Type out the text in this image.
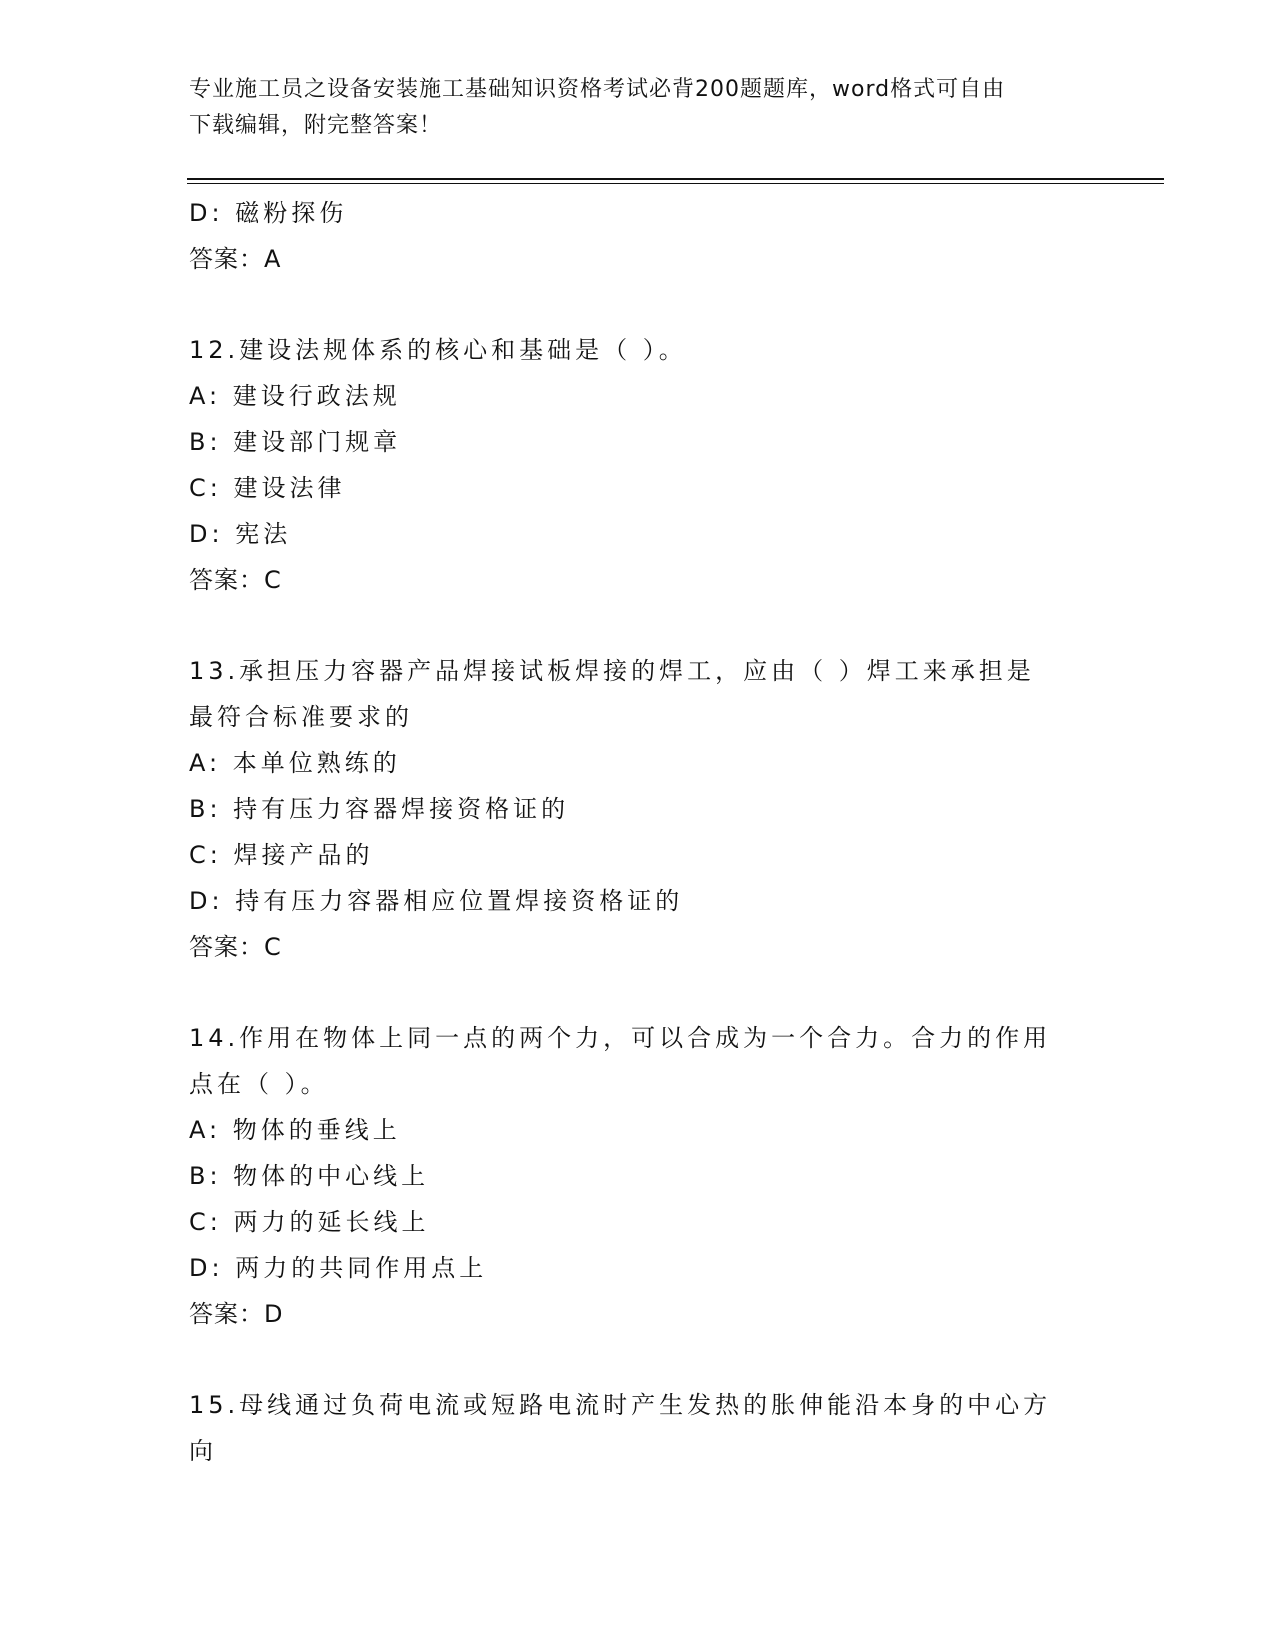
专业施工员之设备安装施工基础知识资格考试必背200题题库，word格式可自由
下载编辑，附完整答案！
D: 磁粉探伤
答案：A
12.建设法规体系的核心和基础是（ ）。
A: 建设行政法规
B: 建设部门规章
C: 建设法律
D: 宪法
答案：C
13.承担压力容器产品焊接试板焊接的焊工，应由（ ）焊工来承担是
最符合标准要求的
A: 本单位熟练的
B: 持有压力容器焊接资格证的
C: 焊接产品的
D: 持有压力容器相应位置焊接资格证的
答案：C
14.作用在物体上同一点的两个力，可以合成为一个合力。合力的作用
点在（ ）。
A: 物体的垂线上
B: 物体的中心线上
C: 两力的延长线上
D: 两力的共同作用点上
答案：D
15.母线通过负荷电流或短路电流时产生发热的胀伸能沿本身的中心方
向
